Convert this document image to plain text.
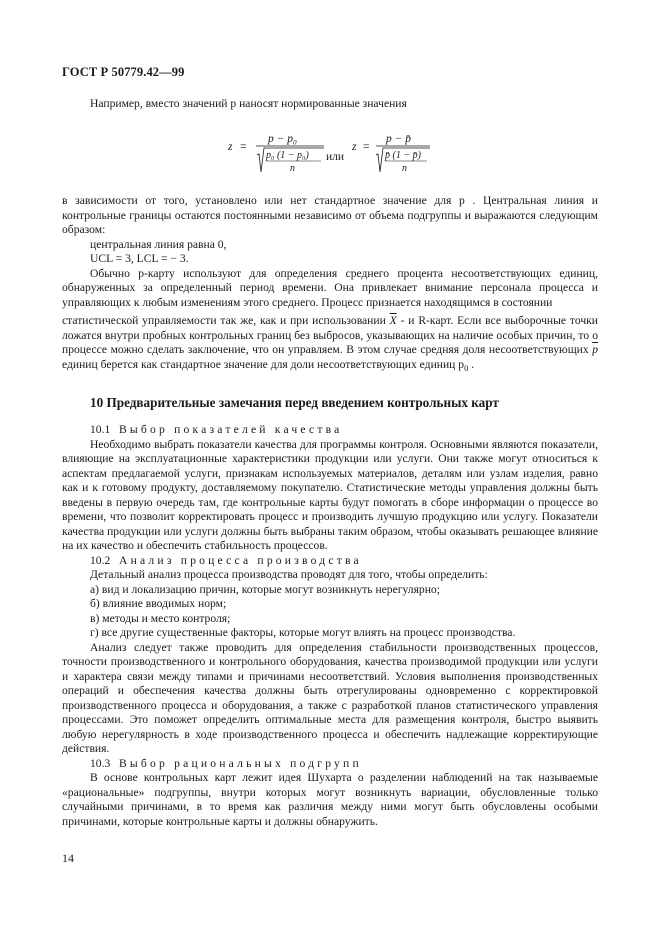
ГОСТ Р 50779.42—99

Например, вместо значений p наносят нормированные значения

z =
p − p₀
p₀ (1 − p₀)
n
или
z =
p − p̄
p̄ (1 − p̄)
n

в зависимости от того, установлено или нет стандартное значение для p . Центральная линия и контрольные границы остаются постоянными независимо от объема подгруппы и выражаются следующим образом:

центральная линия равна 0,

UCL = 3, LCL = − 3.

Обычно p-карту используют для определения среднего процента несоответствующих единиц, обнаруженных за определенный период времени. Она привлекает внимание персонала процесса и управляющих к любым изменениям этого среднего. Процесс признается находящимся в состоянии

статистической управляемости так же, как и при использовании $\overline{X}$ - и R-карт. Если все выборочные точки ложатся внутри пробных контрольных границ без выбросов, указывающих на наличие особых причин, то о процессе можно сделать заключение, что он управляем. В этом случае средняя доля несоответствующих $\overline{p}$ единиц берется как стандартное значение для доли несоответствующих единиц $p_0$ .

10 Предварительные замечания перед введением контрольных карт

10.1 Выбор показателей качества

Необходимо выбрать показатели качества для программы контроля. Основными являются показатели, влияющие на эксплуатационные характеристики продукции или услуги. Они также могут относиться к аспектам предлагаемой услуги, признакам используемых материалов, деталям или узлам изделия, равно как и к готовому продукту, доставляемому покупателю. Статистические методы управления должны быть введены в первую очередь там, где контрольные карты будут помогать в сборе информации о процессе во времени, что позволит корректировать процесс и производить лучшую продукцию или услугу. Показатели качества продукции или услуги должны быть выбраны таким образом, чтобы оказывать решающее влияние на их качество и обеспечить стабильность процессов.

10.2 Анализ процесса производства

Детальный анализ процесса производства проводят для того, чтобы определить:

а) вид и локализацию причин, которые могут возникнуть нерегулярно;

б) влияние вводимых норм;

в) методы и место контроля;

г) все другие существенные факторы, которые могут влиять на процесс производства.

Анализ следует также проводить для определения стабильности производственных процессов, точности производственного и контрольного оборудования, качества производимой продукции или услуги и характера связи между типами и причинами несоответствий. Условия выполнения производственных операций и обеспечения качества должны быть отрегулированы одновременно с корректировкой производственного процесса и оборудования, а также с разработкой планов статистического управления процессами. Это поможет определить оптимальные места для размещения контроля, быстро выявить любую нерегулярность в ходе производственного процесса и обеспечить надлежащие корректирующие действия.

10.3 Выбор рациональных подгрупп

В основе контрольных карт лежит идея Шухарта о разделении наблюдений на так называемые «рациональные» подгруппы, внутри которых могут возникнуть вариации, обусловленные только случайными причинами, в то время как различия между ними могут быть обусловлены особыми причинами, которые контрольные карты и должны обнаружить.

14
